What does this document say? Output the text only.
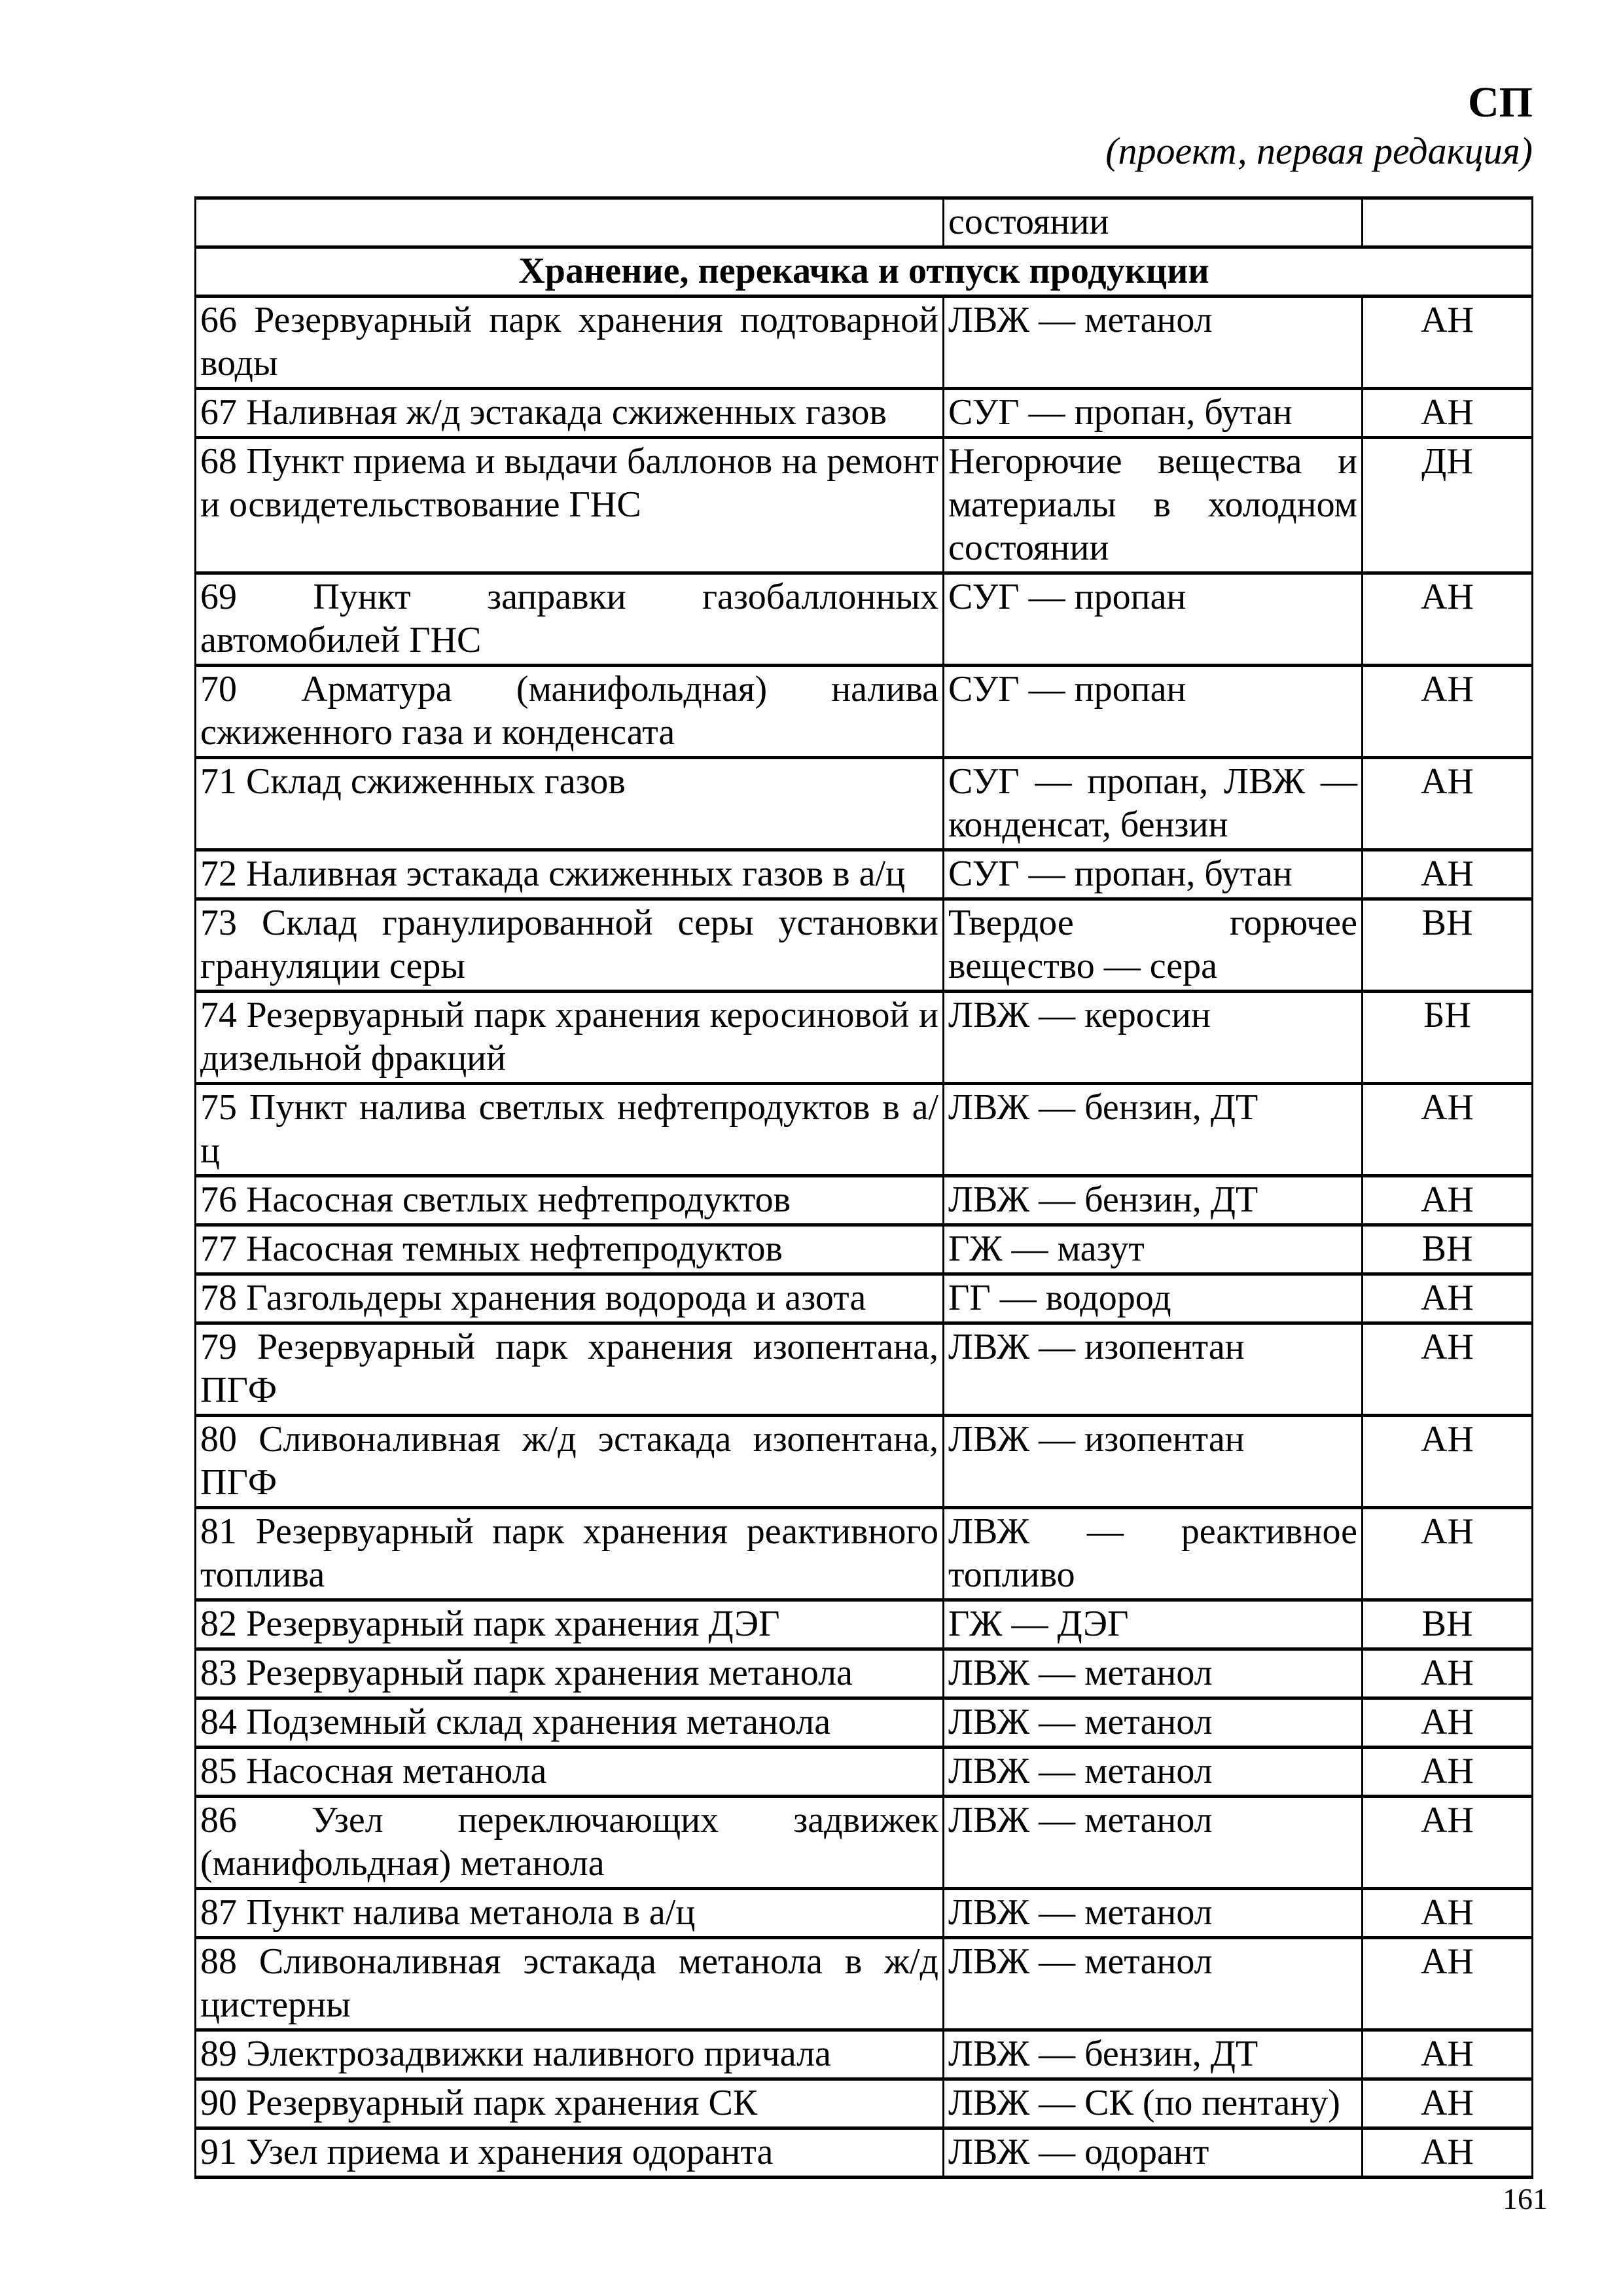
СП
(проект, первая редакция)
	состоянии	
Хранение, перекачка и отпуск продукции		
66 Резервуарный парк хранения подтоварной воды	ЛВЖ — метанол	АН
67 Наливная ж/д эстакада сжиженных газов	СУГ — пропан, бутан	АН
68 Пункт приема и выдачи баллонов на ремонт и освидетельствование ГНС	Негорючие вещества и материалы в холодном состоянии	ДН
69 Пункт заправки газобаллонных автомобилей ГНС	СУГ — пропан	АН
70 Арматура (манифольдная) налива сжиженного газа и конденсата	СУГ — пропан	АН
71 Склад сжиженных газов	СУГ — пропан, ЛВЖ — конденсат, бензин	АН
72 Наливная эстакада сжиженных газов в а/ц	СУГ — пропан, бутан	АН
73 Склад гранулированной серы установки грануляции серы	Твердое горючее вещество — сера	ВН
74 Резервуарный парк хранения керосиновой и дизельной фракций	ЛВЖ — керосин	БН
75 Пункт налива светлых нефтепродуктов в а/ц	ЛВЖ — бензин, ДТ	АН
76 Насосная светлых нефтепродуктов	ЛВЖ — бензин, ДТ	АН
77 Насосная темных нефтепродуктов	ГЖ — мазут	ВН
78 Газгольдеры хранения водорода и азота	ГГ — водород	АН
79 Резервуарный парк хранения изопентана, ПГФ	ЛВЖ — изопентан	АН
80 Сливоналивная ж/д эстакада изопентана, ПГФ	ЛВЖ — изопентан	АН
81 Резервуарный парк хранения реактивного топлива	ЛВЖ — реактивное топливо	АН
82 Резервуарный парк хранения ДЭГ	ГЖ — ДЭГ	ВН
83 Резервуарный парк хранения метанола	ЛВЖ — метанол	АН
84 Подземный склад хранения метанола	ЛВЖ — метанол	АН
85 Насосная метанола	ЛВЖ — метанол	АН
86 Узел переключающих задвижек (манифольдная) метанола	ЛВЖ — метанол	АН
87 Пункт налива метанола в а/ц	ЛВЖ — метанол	АН
88 Сливоналивная эстакада метанола в ж/д цистерны	ЛВЖ — метанол	АН
89 Электрозадвижки наливного причала	ЛВЖ — бензин, ДТ	АН
90 Резервуарный парк хранения СК	ЛВЖ — СК (по пентану)	АН
91 Узел приема и хранения одоранта	ЛВЖ — одорант	АН
161
